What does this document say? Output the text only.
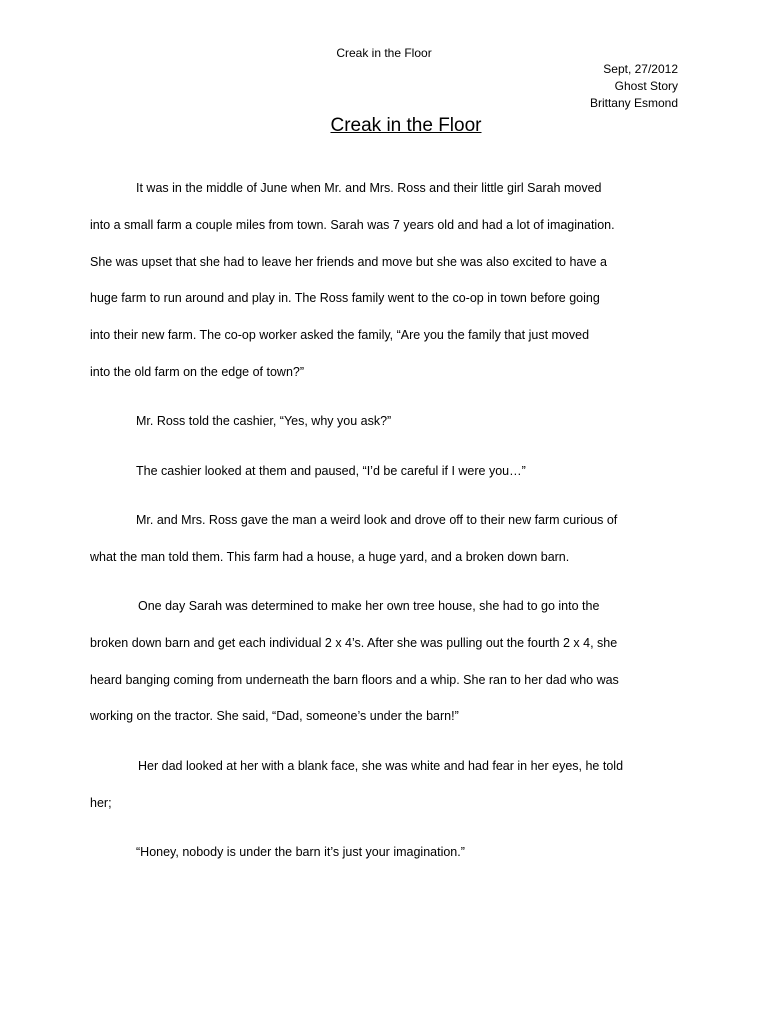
Creak in the Floor
Sept, 27/2012
Ghost Story
Brittany Esmond
Creak in the Floor
It was in the middle of June when Mr. and Mrs. Ross and their little girl Sarah moved
into a small farm a couple miles from town. Sarah was 7 years old and had a lot of imagination.
She was upset that she had to leave her friends and move but she was also excited to have a
huge farm to run around and play in. The Ross family went to the co-op in town before going
into their new farm. The co-op worker asked the family, “Are you the family that just moved
into the old farm on the edge of town?”
Mr. Ross told the cashier, “Yes, why you ask?”
The cashier looked at them and paused, “I’d be careful if I were you…”
Mr. and Mrs. Ross gave the man a weird look and drove off to their new farm curious of
what the man told them. This farm had a house, a huge yard, and a broken down barn.
One day Sarah was determined to make her own tree house, she had to go into the
broken down barn and get each individual 2 x 4’s. After she was pulling out the fourth 2 x 4, she
heard banging coming from underneath the barn floors and a whip. She ran to her dad who was
working on the tractor. She said, “Dad, someone’s under the barn!”
Her dad looked at her with a blank face, she was white and had fear in her eyes, he told
her;
“Honey, nobody is under the barn it’s just your imagination.”
